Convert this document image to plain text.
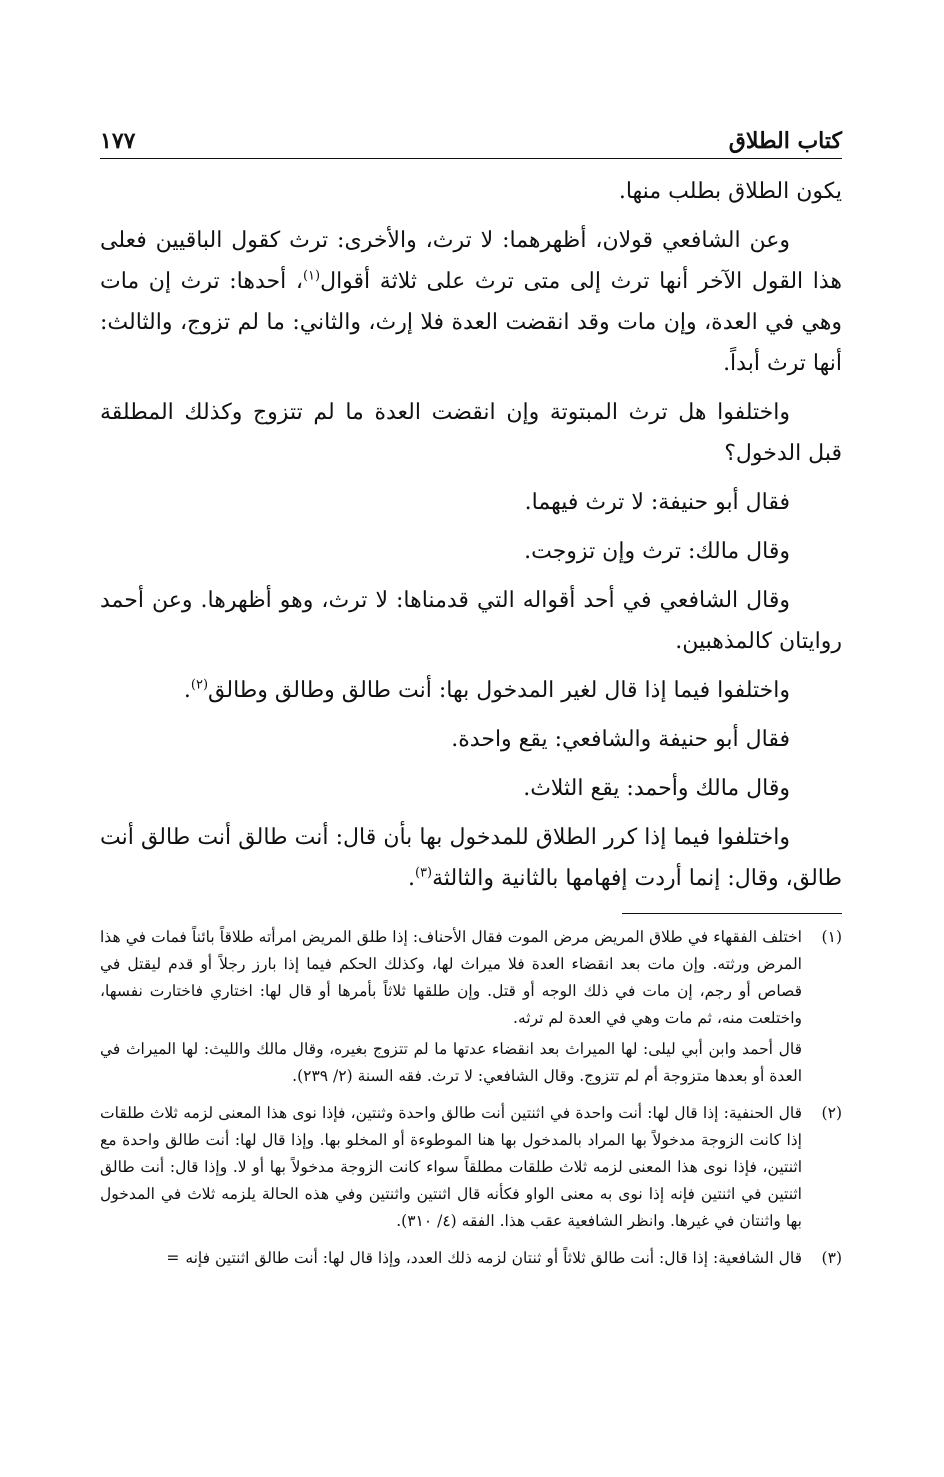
كتاب الطلاق
١٧٧

يكون الطلاق بطلب منها.

وعن الشافعي قولان، أظهرهما: لا ترث، والأخرى: ترث كقول الباقيين فعلى هذا القول الآخر أنها ترث إلى متى ترث على ثلاثة أقوال$^{(١)}$، أحدها: ترث إن مات وهي في العدة، وإن مات وقد انقضت العدة فلا إرث، والثاني: ما لم تزوج، والثالث: أنها ترث أبداً.

واختلفوا هل ترث المبتوتة وإن انقضت العدة ما لم تتزوج وكذلك المطلقة قبل الدخول؟

فقال أبو حنيفة: لا ترث فيهما.

وقال مالك: ترث وإن تزوجت.

وقال الشافعي في أحد أقواله التي قدمناها: لا ترث، وهو أظهرها. وعن أحمد روايتان كالمذهبين.

واختلفوا فيما إذا قال لغير المدخول بها: أنت طالق وطالق وطالق$^{(٢)}$.

فقال أبو حنيفة والشافعي: يقع واحدة.

وقال مالك وأحمد: يقع الثلاث.

واختلفوا فيما إذا كرر الطلاق للمدخول بها بأن قال: أنت طالق أنت طالق أنت طالق، وقال: إنما أردت إفهامها بالثانية والثالثة$^{(٣)}$.

(١)

اختلف الفقهاء في طلاق المريض مرض الموت فقال الأحناف: إذا طلق المريض امرأته طلاقاً بائناً فمات في هذا المرض ورثته. وإن مات بعد انقضاء العدة فلا ميراث لها، وكذلك الحكم فيما إذا بارز رجلاً أو قدم ليقتل في قصاص أو رجم، إن مات في ذلك الوجه أو قتل. وإن طلقها ثلاثاً بأمرها أو قال لها: اختاري فاختارت نفسها، واختلعت منه، ثم مات وهي في العدة لم ترثه.

قال أحمد وابن أبي ليلى: لها الميراث بعد انقضاء عدتها ما لم تتزوج بغيره، وقال مالك والليث: لها الميراث في العدة أو بعدها متزوجة أم لم تتزوج. وقال الشافعي: لا ترث. فقه السنة (٢/ ٢٣٩).

(٢)

قال الحنفية: إذا قال لها: أنت واحدة في اثنتين أنت طالق واحدة وثنتين، فإذا نوى هذا المعنى لزمه ثلاث طلقات إذا كانت الزوجة مدخولاً بها المراد بالمدخول بها هنا الموطوءة أو المخلو بها. وإذا قال لها: أنت طالق واحدة مع اثنتين، فإذا نوى هذا المعنى لزمه ثلاث طلقات مطلقاً سواء كانت الزوجة مدخولاً بها أو لا. وإذا قال: أنت طالق اثنتين في اثنتين فإنه إذا نوى به معنى الواو فكأنه قال اثنتين واثنتين وفي هذه الحالة يلزمه ثلاث في المدخول بها واثنتان في غيرها. وانظر الشافعية عقب هذا. الفقه (٤/ ٣١٠).

(٣)

قال الشافعية: إذا قال: أنت طالق ثلاثاً أو ثنتان لزمه ذلك العدد، وإذا قال لها: أنت طالق اثنتين فإنه=
